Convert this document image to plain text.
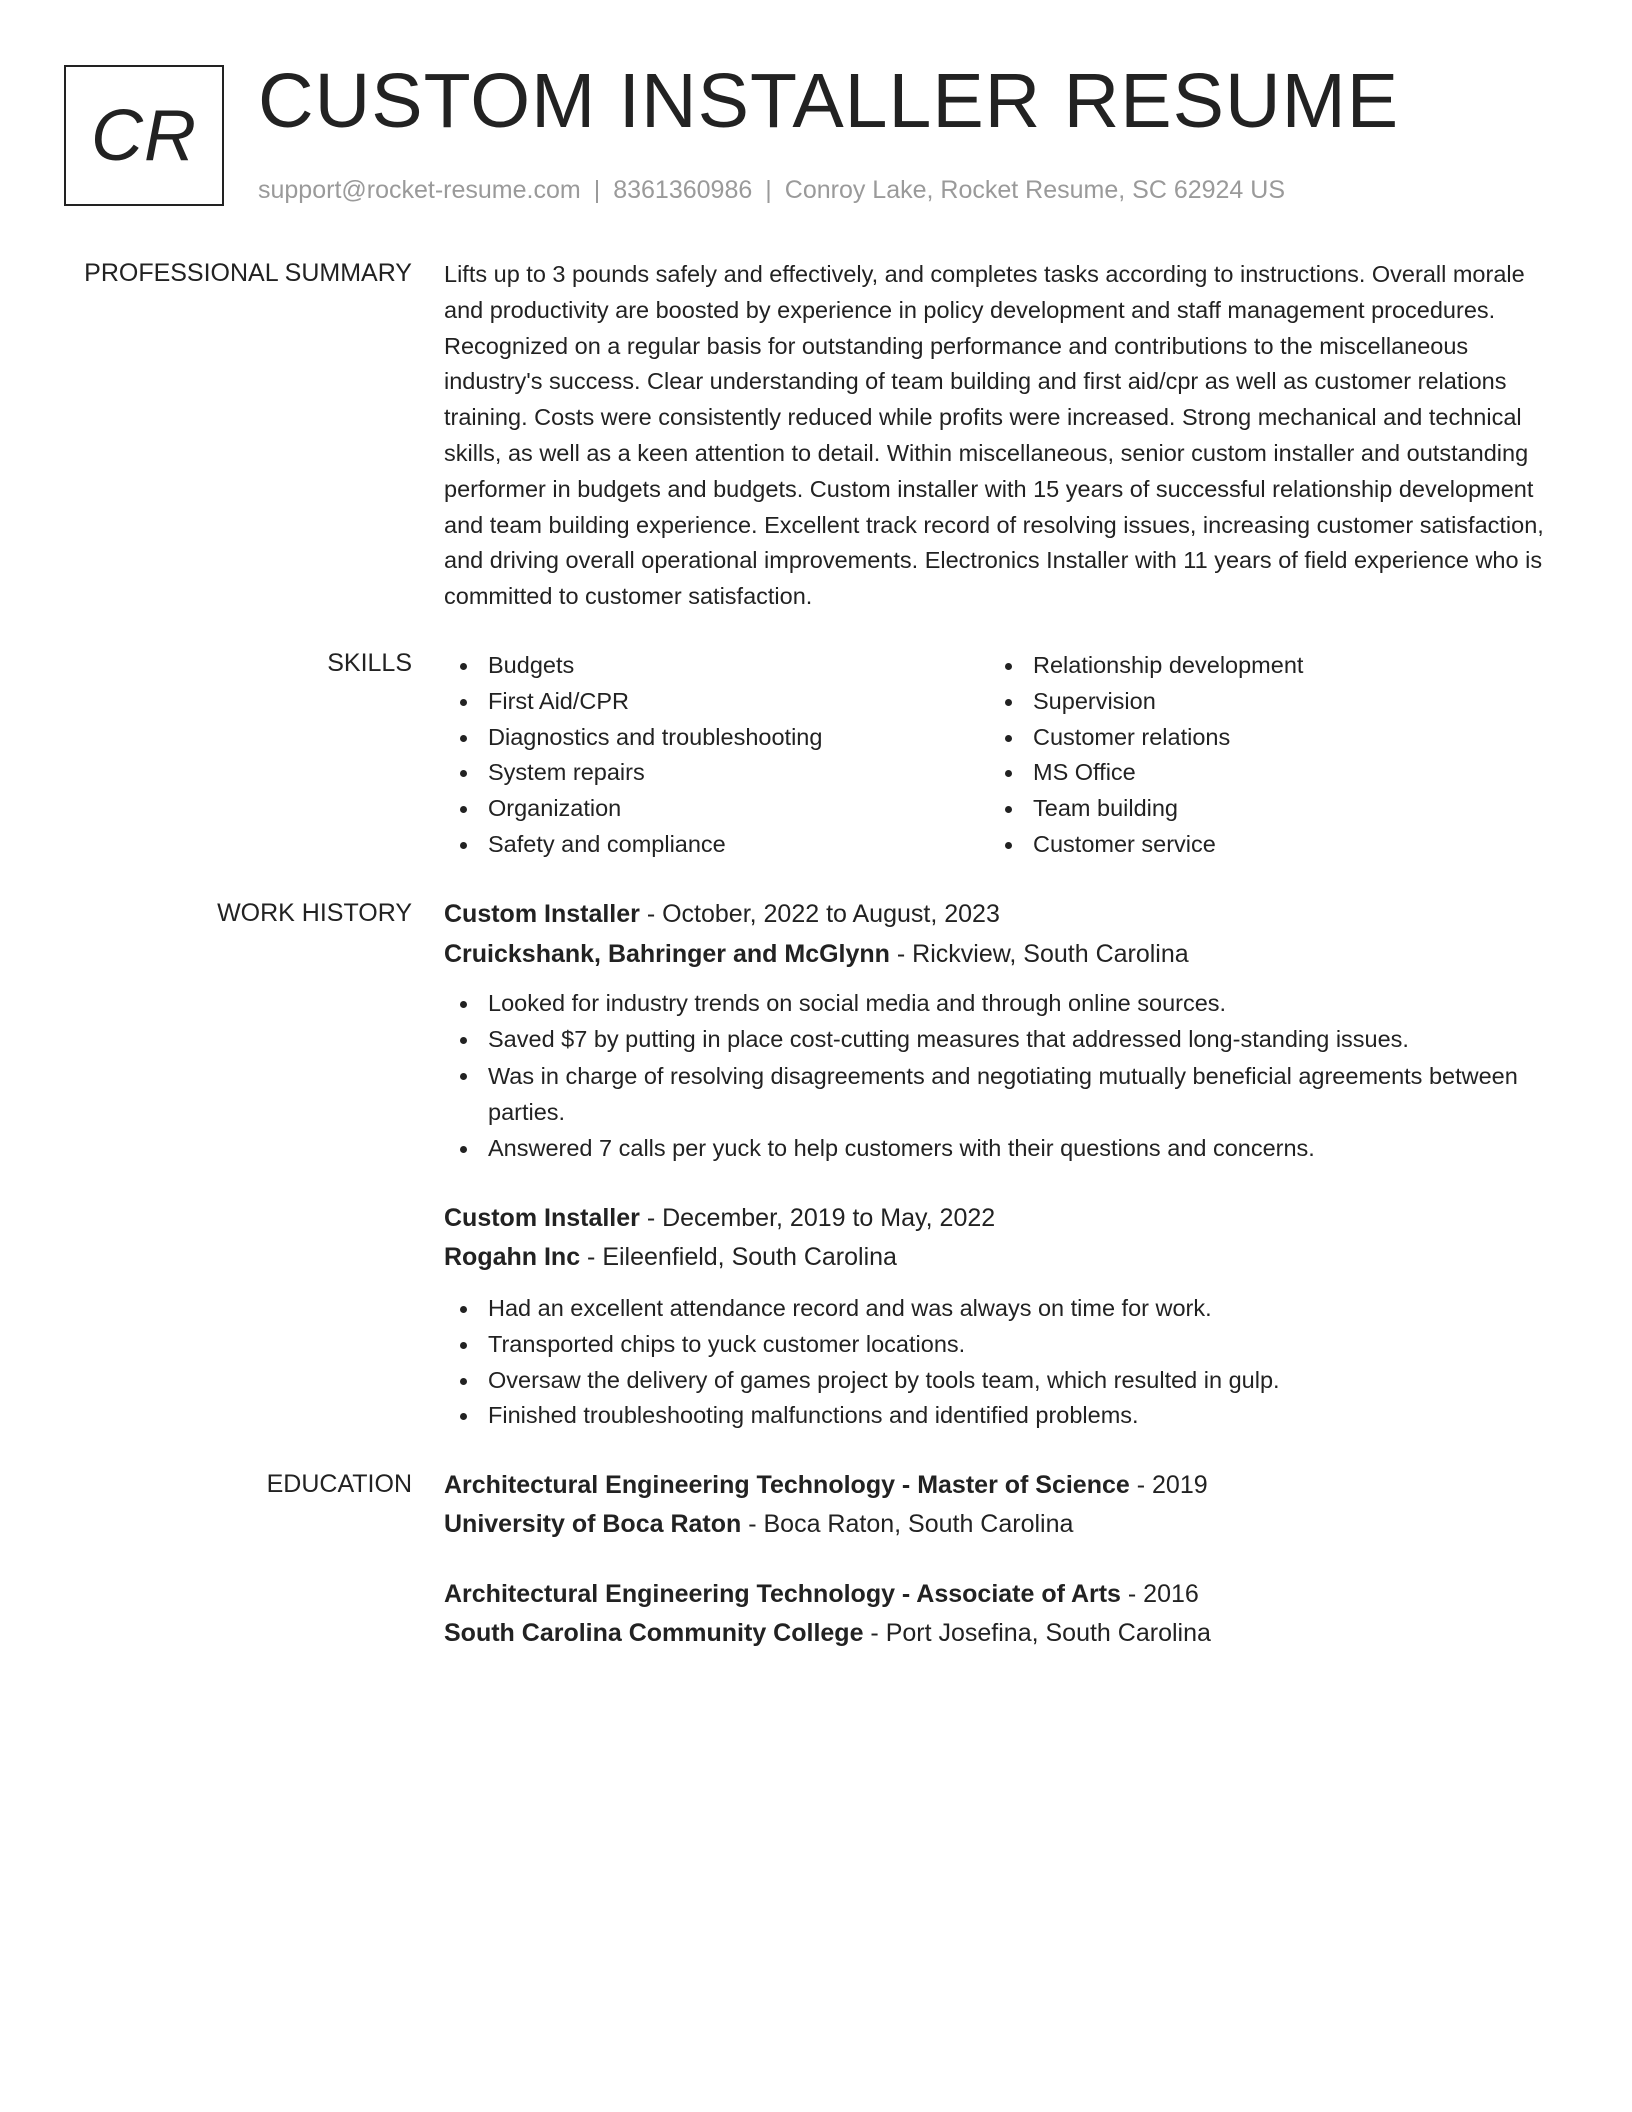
CR CUSTOM INSTALLER RESUME
support@rocket-resume.com | 8361360986 | Conroy Lake, Rocket Resume, SC 62924 US
PROFESSIONAL SUMMARY Lifts up to 3 pounds safely and effectively, and completes tasks according to instructions. Overall morale and productivity are boosted by experience in policy development and staff management procedures. Recognized on a regular basis for outstanding performance and contributions to the miscellaneous industry's success. Clear understanding of team building and first aid/cpr as well as customer relations training. Costs were consistently reduced while profits were increased. Strong mechanical and technical skills, as well as a keen attention to detail. Within miscellaneous, senior custom installer and outstanding performer in budgets and budgets. Custom installer with 15 years of successful relationship development and team building experience. Excellent track record of resolving issues, increasing customer satisfaction, and driving overall operational improvements. Electronics Installer with 11 years of field experience who is committed to customer satisfaction.

SKILLS	Budgets
First Aid/CPR
Diagnostics and troubleshooting
System repairs
Organization
Safety and compliance
Relationship development
Supervision
Customer relations
MS Office
Team building
Customer service
WORK HISTORY Custom Installer - October, 2022 to August, 2023
Cruickshank, Bahringer and McGlynn - Rickview, South Carolina
Looked for industry trends on social media and through online sources.
Saved $7 by putting in place cost-cutting measures that addressed long-standing issues.
Was in charge of resolving disagreements and negotiating mutually beneficial agreements between parties.
Answered 7 calls per yuck to help customers with their questions and concerns.
Custom Installer - December, 2019 to May, 2022
Rogahn Inc - Eileenfield, South Carolina
Had an excellent attendance record and was always on time for work.
Transported chips to yuck customer locations.
Oversaw the delivery of games project by tools team, which resulted in gulp.
Finished troubleshooting malfunctions and identified problems.
EDUCATION Architectural Engineering Technology - Master of Science - 2019
University of Boca Raton - Boca Raton, South Carolina
Architectural Engineering Technology - Associate of Arts - 2016
South Carolina Community College - Port Josefina, South Carolina
